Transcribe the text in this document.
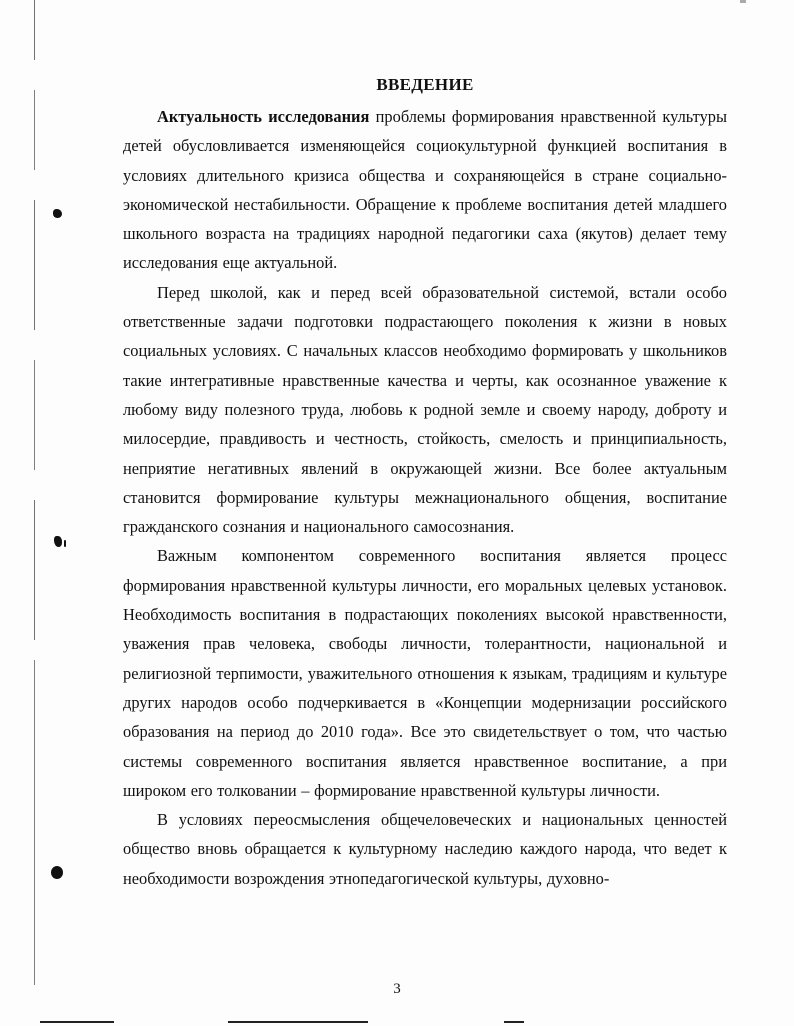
ВВЕДЕНИЕ

Актуальность исследования проблемы формирования нравственной культуры детей обусловливается изменяющейся социокультурной функцией воспитания в условиях длительного кризиса общества и сохраняющейся в стране социально-экономической нестабильности. Обращение к проблеме воспитания детей младшего школьного возраста на традициях народной педагогики саха (якутов) делает тему исследования еще актуальной.

Перед школой, как и перед всей образовательной системой, встали особо ответственные задачи подготовки подрастающего поколения к жизни в новых социальных условиях. С начальных классов необходимо формировать у школьников такие интегративные нравственные качества и черты, как осознанное уважение к любому виду полезного труда, любовь к родной земле и своему народу, доброту и милосердие, правдивость и честность, стойкость, смелость и принципиальность, неприятие негативных явлений в окружающей жизни. Все более актуальным становится формирование культуры межнационального общения, воспитание гражданского сознания и национального самосознания.

Важным компонентом современного воспитания является процесс формирования нравственной культуры личности, его моральных целевых установок. Необходимость воспитания в подрастающих поколениях высокой нравственности, уважения прав человека, свободы личности, толерантности, национальной и религиозной терпимости, уважительного отношения к языкам, традициям и культуре других народов особо подчеркивается в «Концепции модернизации российского образования на период до 2010 года». Все это свидетельствует о том, что частью системы современного воспитания является нравственное воспитание, а при широком его толковании – формирование нравственной культуры личности.

В условиях переосмысления общечеловеческих и национальных ценностей общество вновь обращается к культурному наследию каждого народа, что ведет к необходимости возрождения этнопедагогической культуры, духовно-

3
